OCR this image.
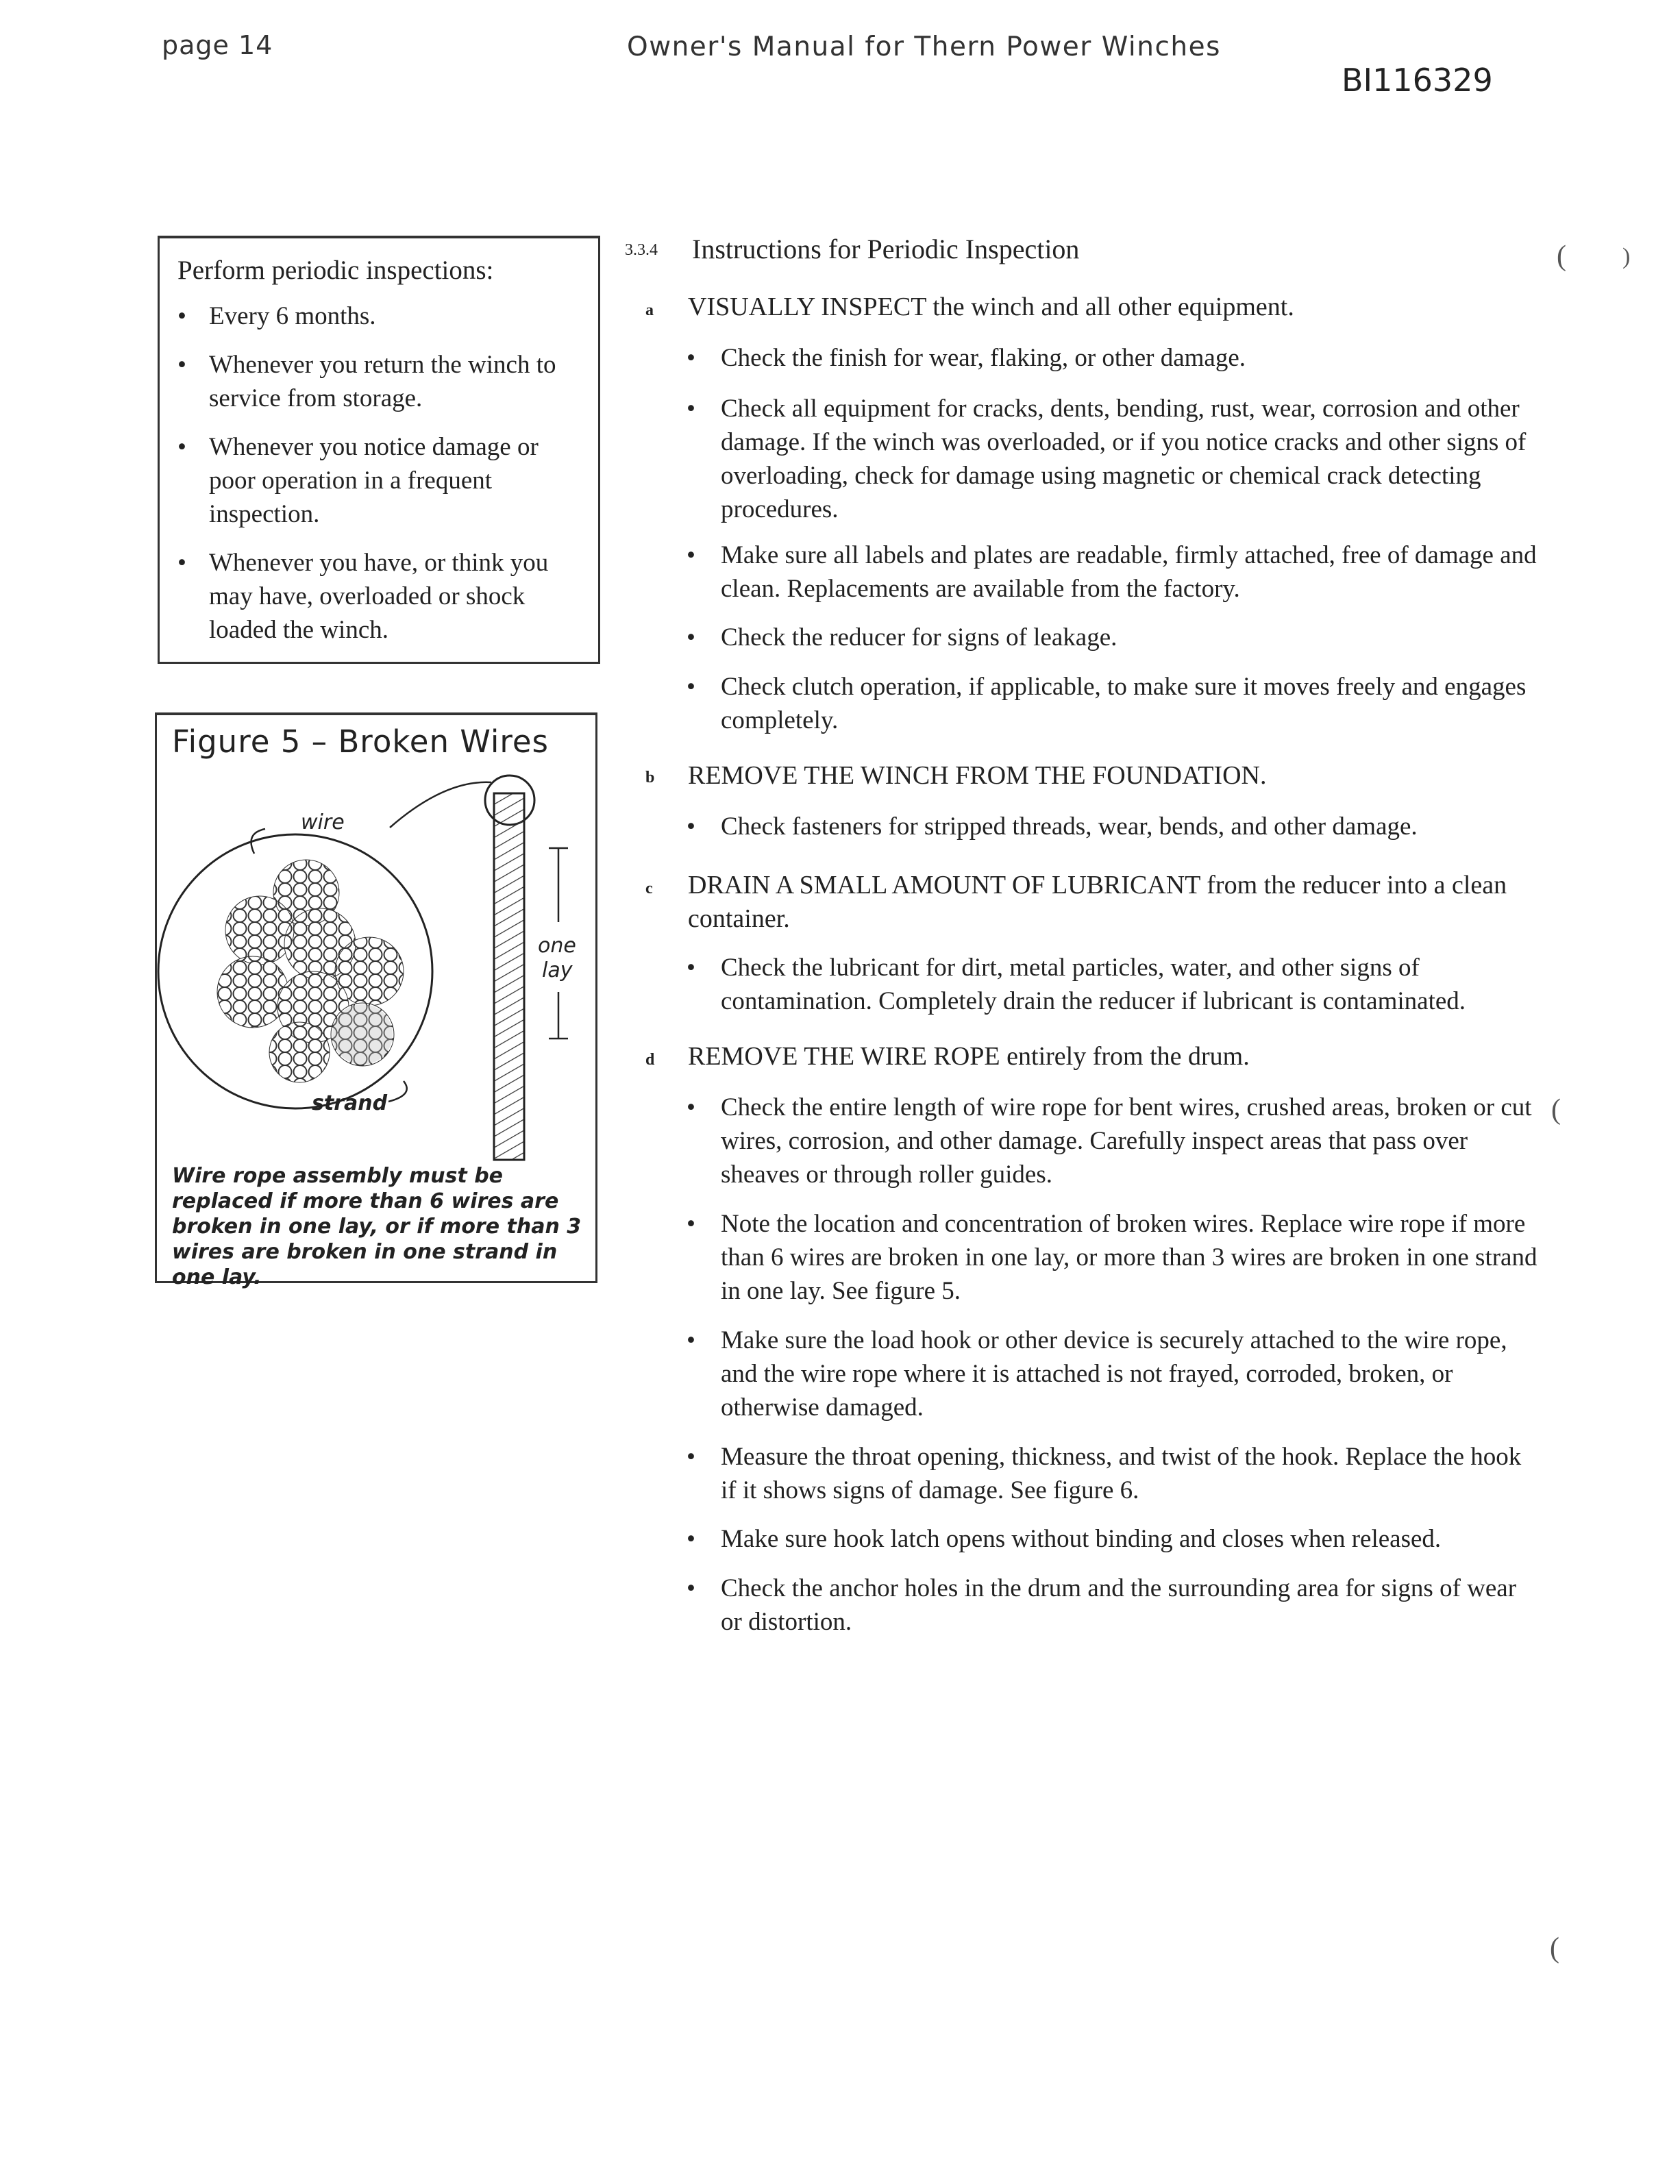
page 14	Owner's Manual for Thern Power Winches
BI116329
Perform periodic inspections:
• Every 6 months.
• Whenever you return the winch to service from storage.
• Whenever you notice damage or poor operation in a frequent inspection.
• Whenever you have, or think you may have, overloaded or shock loaded the winch.
Figure 5 – Broken Wires
wire
strand
one
lay
Wire rope assembly must be replaced if more than 6 wires are broken in one lay, or if more than 3 wires are broken in one strand in one lay.
3.3.4 Instructions for Periodic Inspection
a VISUALLY INSPECT the winch and all other equipment.
• Check the finish for wear, flaking, or other damage.
• Check all equipment for cracks, dents, bending, rust, wear, corrosion and other damage. If the winch was overloaded, or if you notice cracks and other signs of overloading, check for damage using magnetic or chemical crack detecting procedures.
• Make sure all labels and plates are readable, firmly attached, free of damage and clean. Replacements are available from the factory.
• Check the reducer for signs of leakage.
• Check clutch operation, if applicable, to make sure it moves freely and engages completely.
b REMOVE THE WINCH FROM THE FOUNDATION.
• Check fasteners for stripped threads, wear, bends, and other damage.
c DRAIN A SMALL AMOUNT OF LUBRICANT from the reducer into a clean container.
• Check the lubricant for dirt, metal particles, water, and other signs of contamination. Completely drain the reducer if lubricant is contaminated.
d REMOVE THE WIRE ROPE entirely from the drum.
• Check the entire length of wire rope for bent wires, crushed areas, broken or cut wires, corrosion, and other damage. Carefully inspect areas that pass over sheaves or through roller guides.
• Note the location and concentration of broken wires. Replace wire rope if more than 6 wires are broken in one lay, or more than 3 wires are broken in one strand in one lay. See figure 5.
• Make sure the load hook or other device is securely attached to the wire rope, and the wire rope where it is attached is not frayed, corroded, broken, or otherwise damaged.
• Measure the throat opening, thickness, and twist of the hook. Replace the hook if it shows signs of damage. See figure 6.
• Make sure hook latch opens without binding and closes when released.
• Check the anchor holes in the drum and the surrounding area for signs of wear or distortion.
( )
(
(
